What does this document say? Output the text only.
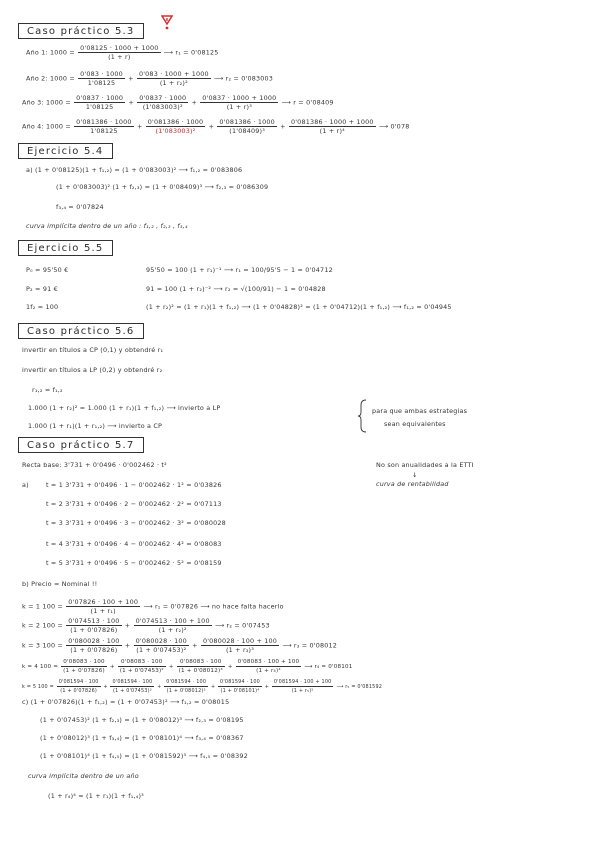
Caso práctico 5.3
Año 1: $1000 = \frac{0'08125 \cdot 1000 + 1000}{(1 + r)}$ ⟶ r₁ = 0'08125
Año 2: $1000 = \frac{0'083 \cdot 1000}{1'08125} + \frac{0'083 \cdot 1000 + 1000}{\text{(1 + r₂)²}}$ ⟶ r₂ = 0'083003
Año 3: $1000 = \frac{0'0837 \cdot 1000}{1'08125} + \frac{0'0837 \cdot 1000}{\text{(1'083003)²}} + \frac{0'0837 \cdot 1000 + 1000}{\text{(1 + r)³}}$ ⟶ r = 0'08409
Año 4: $1000 = \frac{0'081386 \cdot 1000}{1'08125} + \frac{0'081386 \cdot 1000}{\text{(1'083003)²}} + \frac{0'081386 \cdot 1000}{\text{(1'08409)³}} + \frac{0'081386 \cdot 1000 + 1000}{\text{(1 + r)⁴}}$ ⟶ 0'078
Ejercicio 5.4
a) (1 + 0'08125)(1 + f₁,₂) = (1 + 0'083003)² ⟶ f₁,₂ = 0'083806
(1 + 0'083003)² (1 + f₂,₃) = (1 + 0'08409)³ ⟶ f₂,₃ = 0'086309
f₃,₄ = 0'07824
curva implícita dentro de un año : f₁,₂ , f₂,₃ , f₃,₄
Ejercicio 5.5
P₀ = 95'50 €	95'50 = 100 (1 + r₁)⁻¹ ⟶ r₁ = 100/95'5 − 1 = 0'04712
P₂ = 91 €	91 = 100 (1 + r₂)⁻² ⟶ r₂ = √(100/91) − 1 = 0'04828
1f₂ = 100	(1 + r₂)² = (1 + r₁)(1 + f₁,₂) ⟶ (1 + 0'04828)² = (1 + 0'04712)(1 + f₁,₂) ⟶ f₁,₂ = 0'04945
Caso práctico 5.6
invertir en títulos a CP (0,1) y obtendré r₁
invertir en títulos a LP (0,2) y obtendré r₂
r₁,₂ = f₁,₂
1.000 (1 + r₂)² = 1.000 (1 + r₁)(1 + f₁,₂) ⟶ invierto a LP
1.000 (1 + r₁)(1 + r₁,₂) ⟶ invierto a CP
para que ambas estrategias
sean equivalentes
Caso práctico 5.7
Recta base: 3'731 + 0'0496 · 0'002462 · t²	No son anualidades a la ETTI
↓
curva de rentabilidad
a)	t = 1 3'731 + 0'0496 · 1 − 0'002462 · 1² = 0'03826
t = 2 3'731 + 0'0496 · 2 − 0'002462 · 2² = 0'07113
t = 3 3'731 + 0'0496 · 3 − 0'002462 · 3² = 0'080028
t = 4 3'731 + 0'0496 · 4 − 0'002462 · 4² = 0'08083
t = 5 3'731 + 0'0496 · 5 − 0'002462 · 5² = 0'08159
b) Precio = Nominal !!
k = 1 $100 = \frac{0'07826 \cdot 100 + 100}{\text{(1 + r₁)}}$ ⟶ r₁ = 0'07826 ⟶ no hace falta hacerlo
k = 2 $100 = \frac{0'074513 \cdot 100}{(1 + 0'07826)} + \frac{0'074513 \cdot 100 + 100}{\text{(1 + r₂)²}}$ ⟶ r₂ = 0'07453
k = 3 $100 = \frac{0'080028 \cdot 100}{(1 + 0'07826)} + \frac{0'080028 \cdot 100}{\text{(1 + 0'07453)²}} + \frac{0'080028 \cdot 100 + 100}{\text{(1 + r₃)³}}$ ⟶ r₃ = 0'08012
k = 4 $100 = \frac{0'08083 \cdot 100}{(1 + 0'07826)} + \frac{0'08083 \cdot 100}{\text{(1 + 0'07453)²}} + \frac{0'08083 \cdot 100}{\text{(1 + 0'08012)³}} + \frac{0'08083 \cdot 100 + 100}{\text{(1 + r₄)⁴}}$ ⟶ r₄ = 0'08101
k = 5 $100 = \frac{0'081594 \cdot 100}{(1 + 0'07826)} + \frac{0'081594 \cdot 100}{\text{(1 + 0'07453)²}} + \frac{0'081594 \cdot 100}{\text{(1 + 0'08012)³}} + \frac{0'081594 \cdot 100}{\text{(1 + 0'08101)⁴}} + \frac{0'081594 \cdot 100 + 100}{\text{(1 + r₅)⁵}}$ ⟶ r₅ = 0'081592
c) (1 + 0'07826)(1 + f₁,₂) = (1 + 0'07453)² ⟶ f₁,₂ = 0'08015
(1 + 0'07453)² (1 + f₂,₃) = (1 + 0'08012)³ ⟶ f₂,₃ = 0'08195
(1 + 0'08012)³ (1 + f₃,₄) = (1 + 0'08101)⁴ ⟶ f₃,₄ = 0'08367
(1 + 0'08101)⁴ (1 + f₄,₅) = (1 + 0'081592)⁵ ⟶ f₄,₅ = 0'08392
curva implícita dentro de un año
(1 + r₄)⁴ = (1 + r₁)(1 + f₁,₄)³
